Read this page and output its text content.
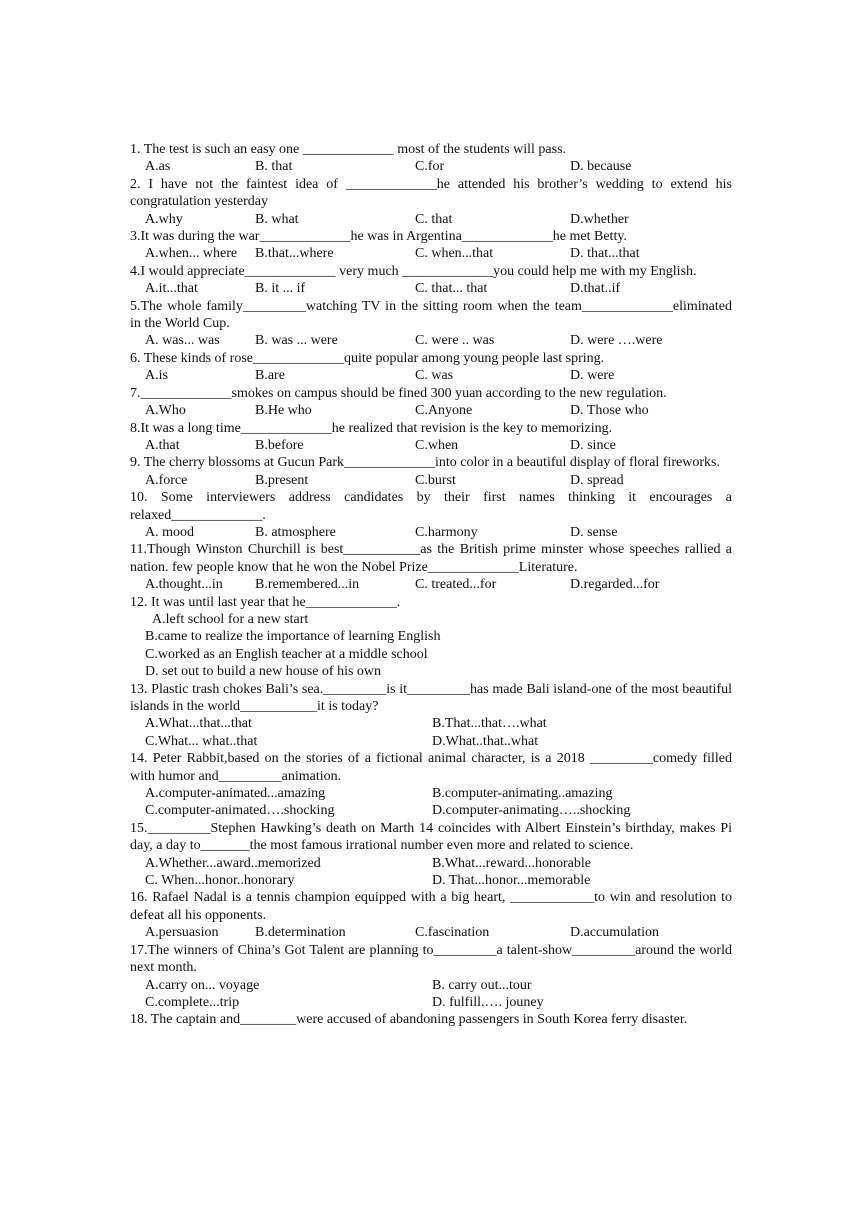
1. The test is such an easy one _____________ most of the students will pass.
A.as	B. that	C.for	D. because
2. I have not the faintest idea of _____________he attended his brother’s wedding to extend his congratulation yesterday
A.why	B. what	C. that	D.whether
3.It was during the war_____________he was in Argentina_____________he met Betty.
A.when... where	B.that...where	C. when...that	D. that...that
4.I would appreciate_____________ very much _____________you could help me with my English.
A.it...that	B. it ... if	C. that... that	D.that..if
5.The whole family_________watching TV in the sitting room when the team_____________eliminated in the World Cup.
A. was... was	B. was ... were	C. were .. was	D. were ….were
6. These kinds of rose_____________quite popular among young people last spring.
A.is	B.are	C. was	D. were
7._____________smokes on campus should be fined 300 yuan according to the new regulation.
A.Who	B.He who	C.Anyone	D. Those who
8.It was a long time_____________he realized that revision is the key to memorizing.
A.that	B.before	C.when	D. since
9. The cherry blossoms at Gucun Park_____________into color in a beautiful display of floral fireworks.
A.force	B.present	C.burst	D. spread
10. Some interviewers address candidates by their first names thinking it encourages a relaxed_____________.
A. mood	B. atmosphere	C.harmony	D. sense
11.Though Winston Churchill is best___________as the British prime minster whose speeches rallied a nation. few people know that he won the Nobel Prize_____________Literature.
A.thought...in	B.remembered...in	C. treated...for	D.regarded...for
12. It was until last year that he_____________.
A.left school for a new start
B.came to realize the importance of learning English
C.worked as an English teacher at a middle school
D. set out to build a new house of his own
13. Plastic trash chokes Bali’s sea._________is it_________has made Bali island-one of the most beautiful islands in the world___________it is today?
A.What...that...that	B.That...that….what
C.What... what..that	D.What..that..what
14. Peter Rabbit,based on the stories of a fictional animal character, is a 2018 _________comedy filled with humor and_________animation.
A.computer-animated...amazing	B.computer-animating..amazing
C.computer-animated….shocking	D.computer-animating…..shocking
15._________Stephen Hawking’s death on Marth 14 coincides with Albert Einstein’s birthday, makes Pi day, a day to_______the most famous irrational number even more and related to science.
A.Whether...award..memorized	B.What...reward...honorable
C. When...honor..honorary	D. That...honor...memorable
16. Rafael Nadal is a tennis champion equipped with a big heart, ____________to win and resolution to defeat all his opponents.
A.persuasion	B.determination	C.fascination	D.accumulation
17.The winners of China’s Got Talent are planning to_________a talent-show_________around the world next month.
A.carry on... voyage	B. carry out...tour
C.complete...trip	D. fulfill.…. jouney
18. The captain and________were accused of abandoning passengers in South Korea ferry disaster.
